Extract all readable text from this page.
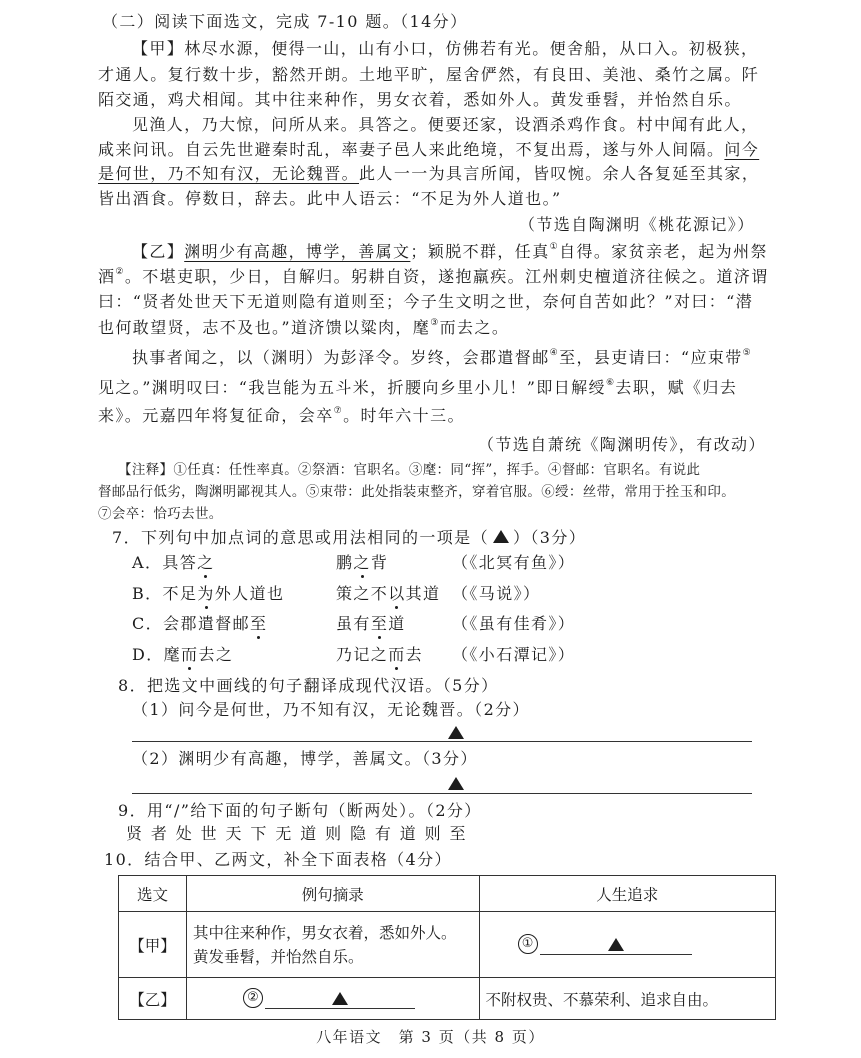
（二）阅读下面选文，完成 7-10 题。（14分）
【甲】林尽水源，便得一山，山有小口，仿佛若有光。便舍船，从口入。初极狭，
才通人。复行数十步，豁然开朗。土地平旷，屋舍俨然，有良田、美池、桑竹之属。阡
陌交通，鸡犬相闻。其中往来种作，男女衣着，悉如外人。黄发垂髫，并怡然自乐。
见渔人，乃大惊，问所从来。具答之。便要还家，设酒杀鸡作食。村中闻有此人，
咸来问讯。自云先世避秦时乱，率妻子邑人来此绝境，不复出焉，遂与外人间隔。问今
是何世，乃不知有汉，无论魏晋。此人一一为具言所闻，皆叹惋。余人各复延至其家，
皆出酒食。停数日，辞去。此中人语云：“不足为外人道也。”
（节选自陶渊明《桃花源记》）
【乙】渊明少有高趣，博学，善属文；颖脱不群，任真①自得。家贫亲老，起为州祭
酒②。不堪吏职，少日，自解归。躬耕自资，遂抱羸疾。江州刺史檀道济往候之。道济谓
曰：“贤者处世天下无道则隐有道则至；今子生文明之世，奈何自苦如此？”对曰：“潜
也何敢望贤，志不及也。”道济馈以粱肉，麾③而去之。
执事者闻之，以（渊明）为彭泽令。岁终，会郡遣督邮④至，县吏请曰：“应束带⑤
见之。”渊明叹曰：“我岂能为五斗米，折腰向乡里小儿！”即日解绶⑥去职，赋《归去
来》。元嘉四年将复征命，会卒⑦。时年六十三。
（节选自萧统《陶渊明传》，有改动）
【注释】①任真：任性率真。②祭酒：官职名。③麾：同“挥”，挥手。④督邮：官职名。有说此
督邮品行低劣，陶渊明鄙视其人。⑤束带：此处指装束整齐，穿着官服。⑥绶：丝带，常用于拴玉和印。
⑦会卒：恰巧去世。
7．下列句中加点词的意思或用法相同的一项是（ ）（3分）
A．具答之	鹏之背	（《北冥有鱼》）
B．不足为外人道也	策之不以其道 （《马说》）
C．会郡遣督邮至	虽有至道	（《虽有佳肴》）
D．麾而去之	乃记之而去 （《小石潭记》）
8．把选文中画线的句子翻译成现代汉语。（5分）
（1）问今是何世，乃不知有汉，无论魏晋。（2分）
（2）渊明少有高趣，博学，善属文。（3分）
9．用“/”给下面的句子断句（断两处）。（2分）
贤 者 处 世 天 下 无 道 则 隐 有 道 则 至
10．结合甲、乙两文，补全下面表格（4分）
选文	例句摘录	人生追求
【甲】	其中往来种作，男女衣着，悉如外人。
黄发垂髫，并怡然自乐。	①
【乙】	②	不附权贵、不慕荣利、追求自由。
八年语文　第 3 页（共 8 页）
